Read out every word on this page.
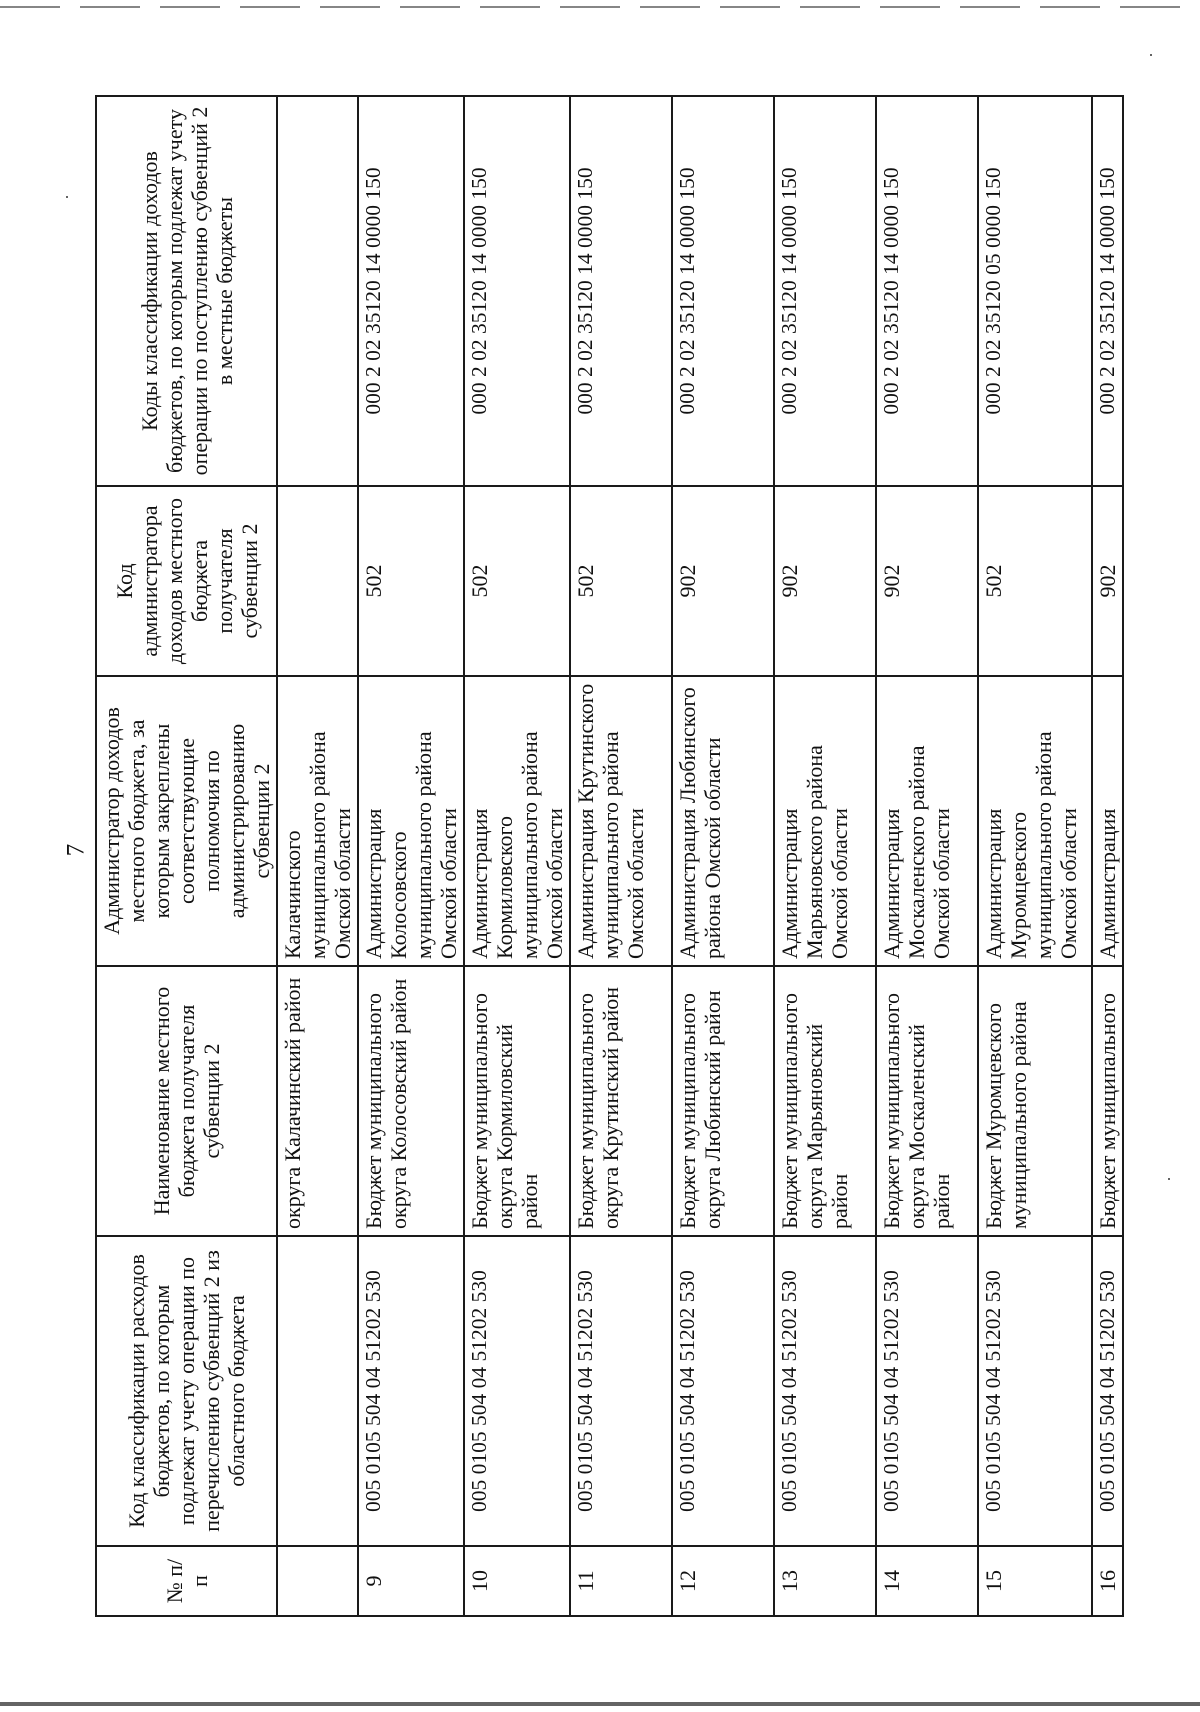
7
№ п/п	Код классификации расходов бюджетов, по которым подлежат учету операции по перечислению субвенций 2 из областного бюджета	Наименование местного бюджета получателя субвенции 2	Администратор доходов местного бюджета, за которым закреплены соответствующие полномочия по администрированию субвенции 2	Код администратора доходов местного бюджета получателя субвенции 2	Коды классификации доходов бюджетов, по которым подлежат учету операции по поступлению субвенций 2 в местные бюджеты
		округа Калачинский район	Калачинского муниципального района Омской области		
9	005 0105 504 04 51202 530	Бюджет муниципального округа Колосовский район	Администрация Колосовского муниципального района Омской области	502	000 2 02 35120 14 0000 150
10	005 0105 504 04 51202 530	Бюджет муниципального округа Кормиловский район	Администрация Кормиловского муниципального района Омской области	502	000 2 02 35120 14 0000 150
11	005 0105 504 04 51202 530	Бюджет муниципального округа Крутинский район	Администрация Крутинского муниципального района Омской области	502	000 2 02 35120 14 0000 150
12	005 0105 504 04 51202 530	Бюджет муниципального округа Любинский район	Администрация Любинского района Омской области	902	000 2 02 35120 14 0000 150
13	005 0105 504 04 51202 530	Бюджет муниципального округа Марьяновский район	Администрация Марьяновского района Омской области	902	000 2 02 35120 14 0000 150
14	005 0105 504 04 51202 530	Бюджет муниципального округа Москаленский район	Администрация Москаленского района Омской области	902	000 2 02 35120 14 0000 150
15	005 0105 504 04 51202 530	Бюджет Муромцевского муниципального района	Администрация Муромцевского муниципального района Омской области	502	000 2 02 35120 05 0000 150
16	005 0105 504 04 51202 530	Бюджет муниципального	Администрация	902	000 2 02 35120 14 0000 150
